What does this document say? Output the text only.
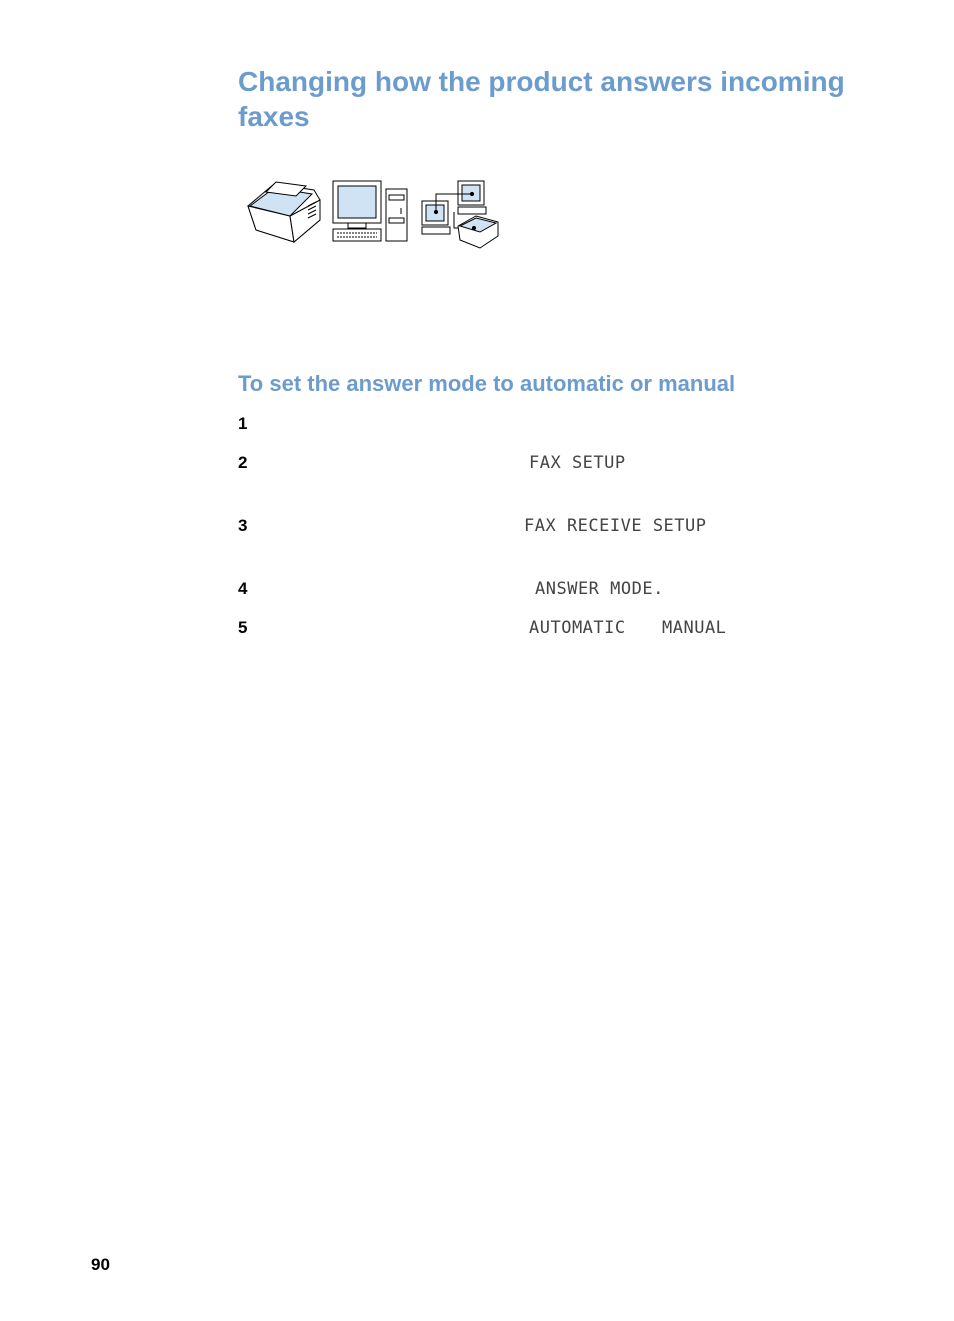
Changing how the product answers incoming faxes
To set the answer mode to automatic or manual
1
2	FAX SETUP
3	FAX RECEIVE SETUP
4	ANSWER MODE.
5	AUTOMATIC MANUAL
90
